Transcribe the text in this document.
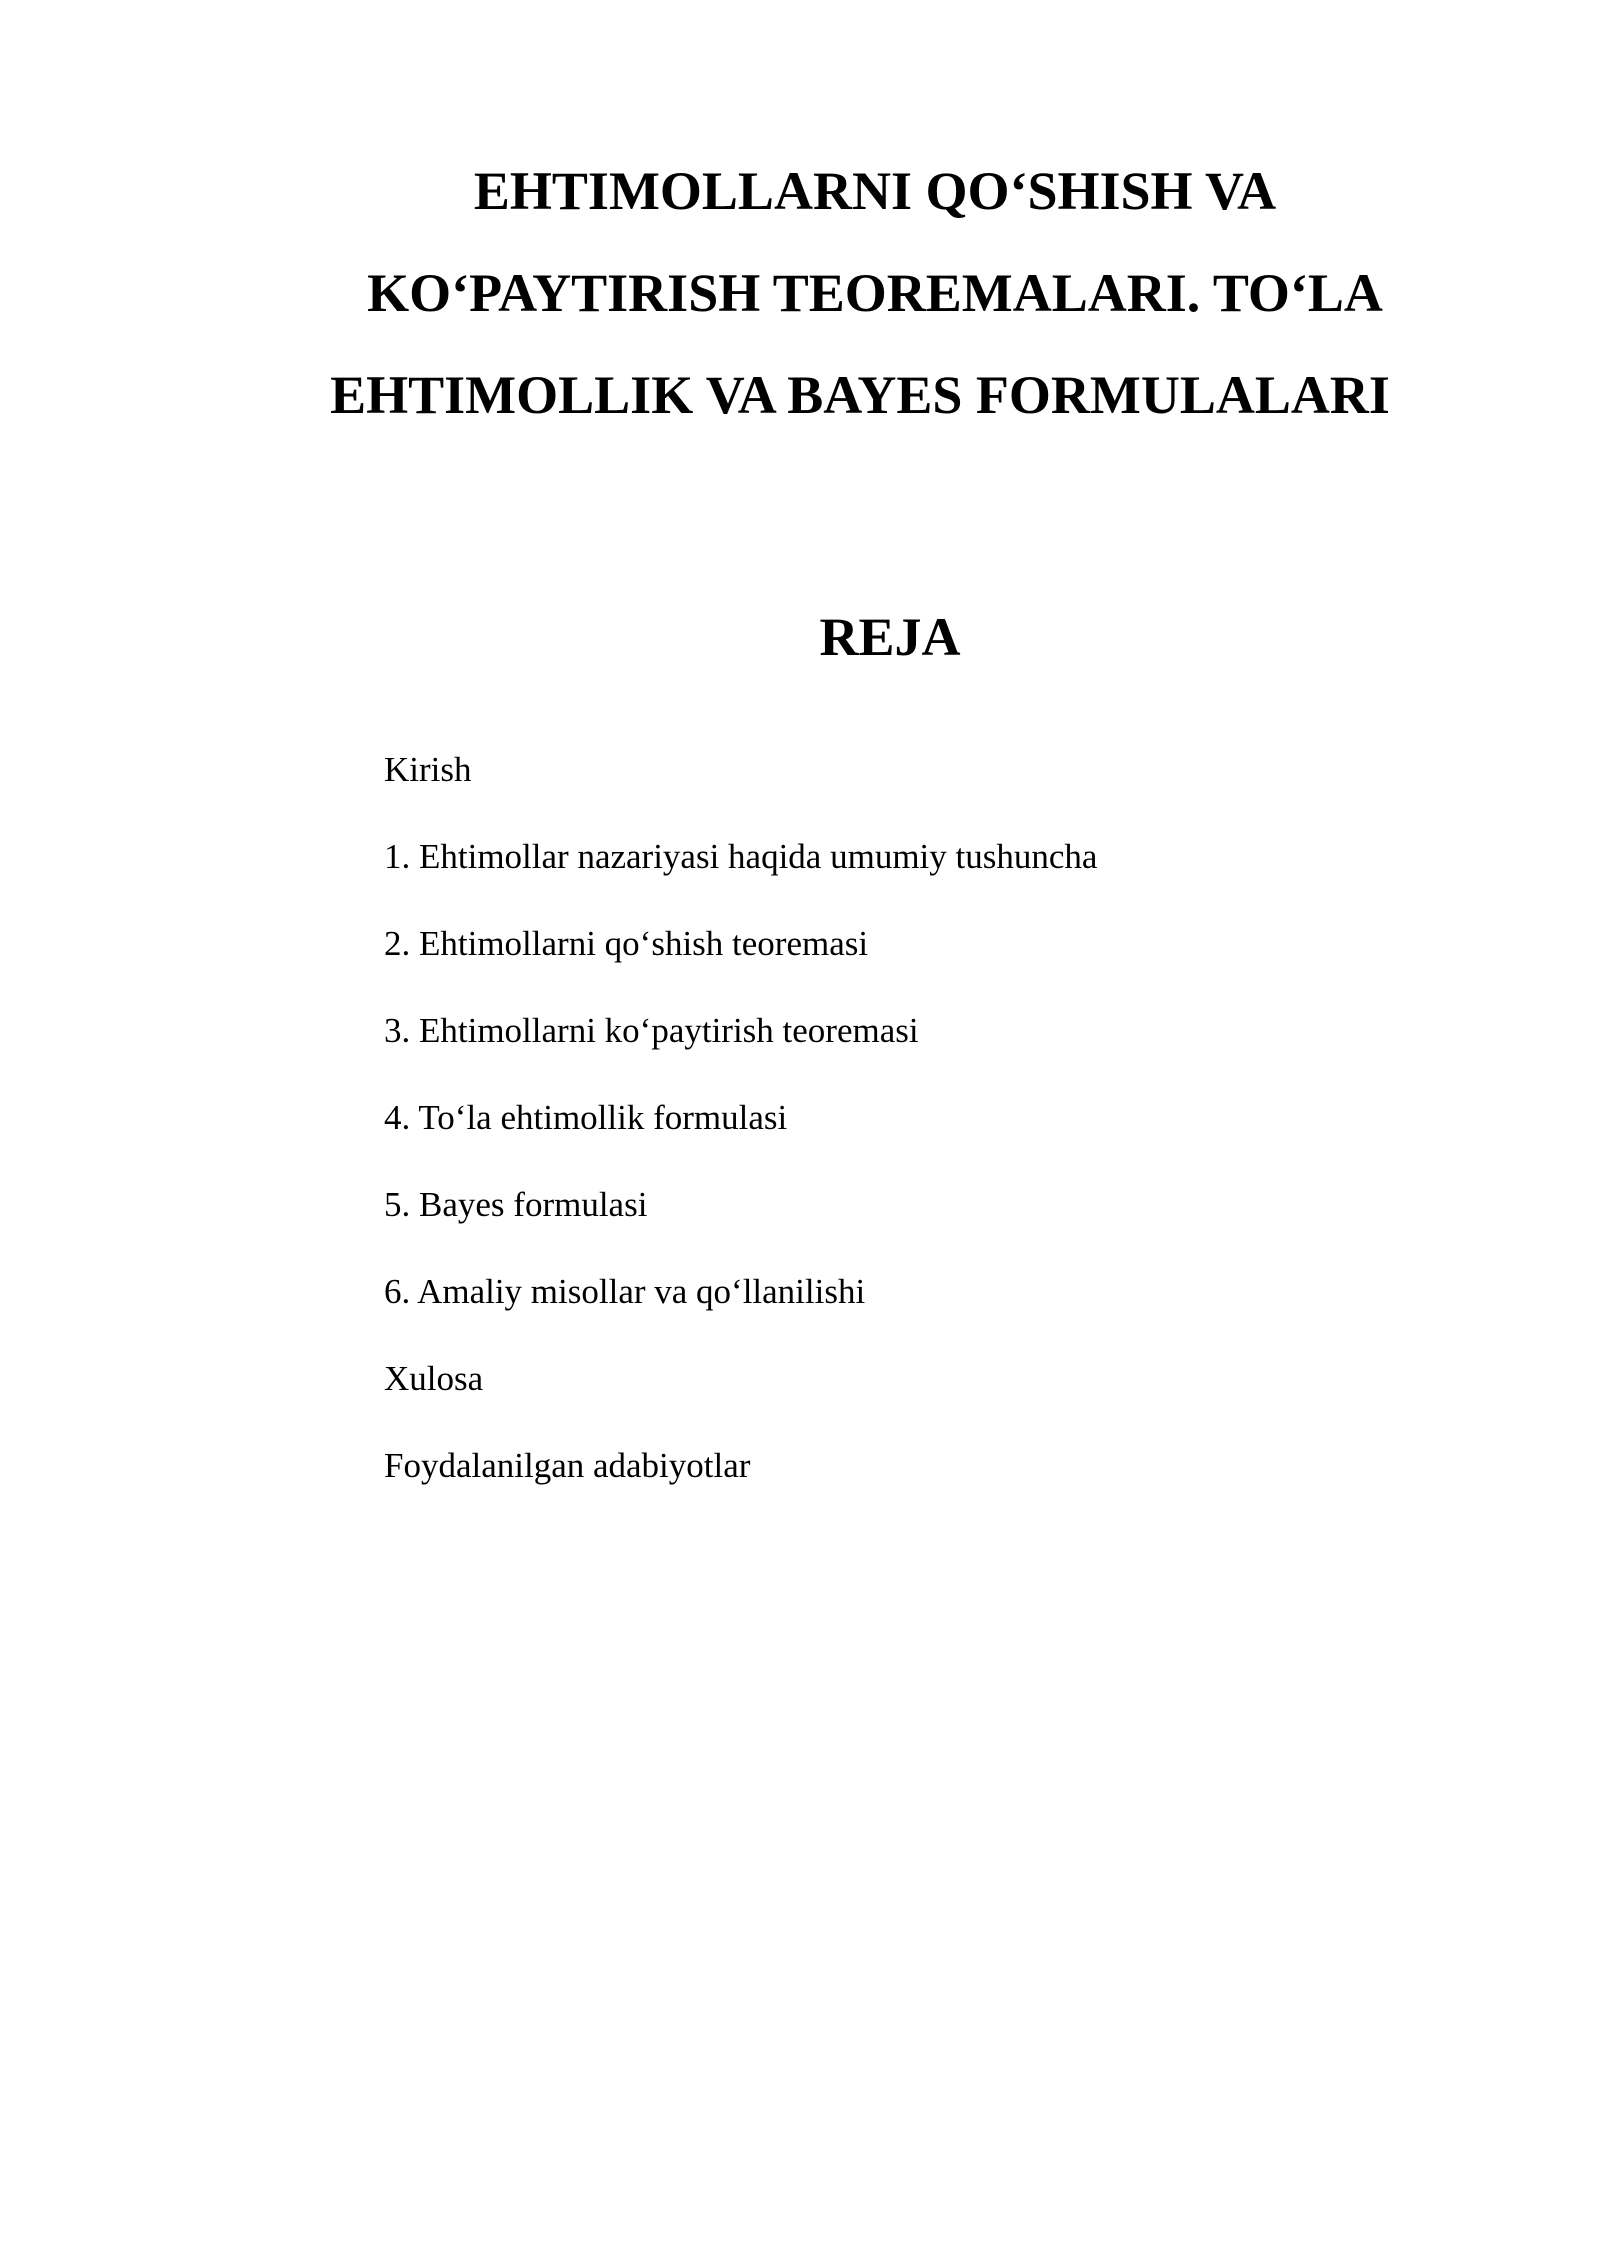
EHTIMOLLARNI QO‘SHISH VA
KO‘PAYTIRISH TEOREMALARI. TO‘LA
EHTIMOLLIK VA BAYES FORMULALARI
REJA
Kirish
1. Ehtimollar nazariyasi haqida umumiy tushuncha
2. Ehtimollarni qo‘shish teoremasi
3. Ehtimollarni ko‘paytirish teoremasi
4. To‘la ehtimollik formulasi
5. Bayes formulasi
6. Amaliy misollar va qo‘llanilishi
Xulosa
Foydalanilgan adabiyotlar
